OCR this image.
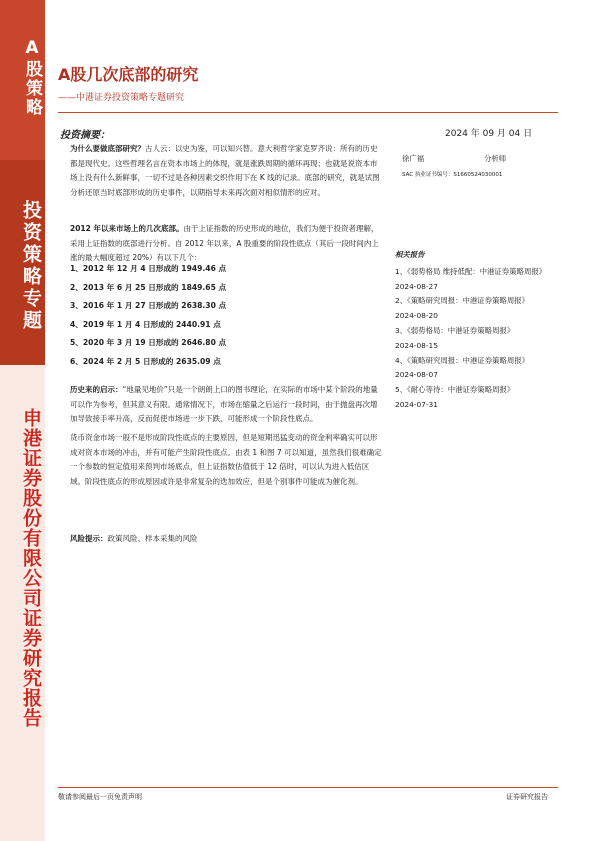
A股策略
投资策略专题
申港证券股份有限公司证券研究报告
A股几次底部的研究
——中港证券投资策略专题研究
投资摘要：	2024 年 09 月 04 日
徐广福	分析师
SAC 执业证书编号：S1660524030001

为什么要做底部研究？古人云：以史为鉴，可以知兴替。意大利哲学家克罗齐说：所有的历史都是现代史。这些哲理名言在资本市场上的体现，就是涨跌周期的循环再现；也就是说资本市场上没有什么新鲜事，一切不过是各种因素交织作用下在 K 线的记录。底部的研究，就是试图分析还原当时底部形成的历史事件，以期指导未来再次面对相似情形的应对。

2012 年以来市场上的几次底部。由于上证指数的历史形成的地位，我们为便于投资者理解，采用上证指数的底部进行分析。自 2012 年以来，A 股重要的阶段性底点（其后一段时间内上涨的最大幅度超过 20%）有以下几个：

1、2012 年 12 月 4 日形成的 1949.46 点
2、2013 年 6 月 25 日形成的 1849.65 点
3、2016 年 1 月 27 日形成的 2638.30 点
4、2019 年 1 月 4 日形成的 2440.91 点
5、2020 年 3 月 19 日形成的 2646.80 点
6、2024 年 2 月 5 日形成的 2635.09 点

历史来的启示：“地量见地价”只是一个朗朗上口的图书理论，在实际的市场中某个阶段的地量可以作为参考，但其意义有限。通常情况下，市场在缩量之后运行一段时间，由于抛盘再次增加导致接手率升高，反而促使市场进一步下跌，可能形成一个阶段性底点。

货币资金市场一般不是形成阶段性底点的主要原因，但是短期迅猛变动的资金利率确实可以形成对资本市场的冲击，并有可能产生阶段性底点。由表 1 和图 7 可以知道，虽然我们很难确定一个参数的恒定值用来预判市场底点，但上证指数估值低于 12 倍时，可以认为进入低估区域。阶段性底点的形成原因或许是非常复杂的迭加效应，但是个别事件可能成为催化剂。

风险提示：政策风险、样本采集的风险

相关报告
1、《弱势格局 维持低配：中港证券策略周报》
2024-08-27
2、《策略研究周报：中港证券策略周报》
2024-08-20
3、《弱势格局：中港证券策略周报》
2024-08-15
4、《策略研究周报：中港证券策略周报》
2024-08-07
5、《耐心等待：中港证券策略周报》
2024-07-31
敬请参阅最后一页免责声明	证券研究报告
